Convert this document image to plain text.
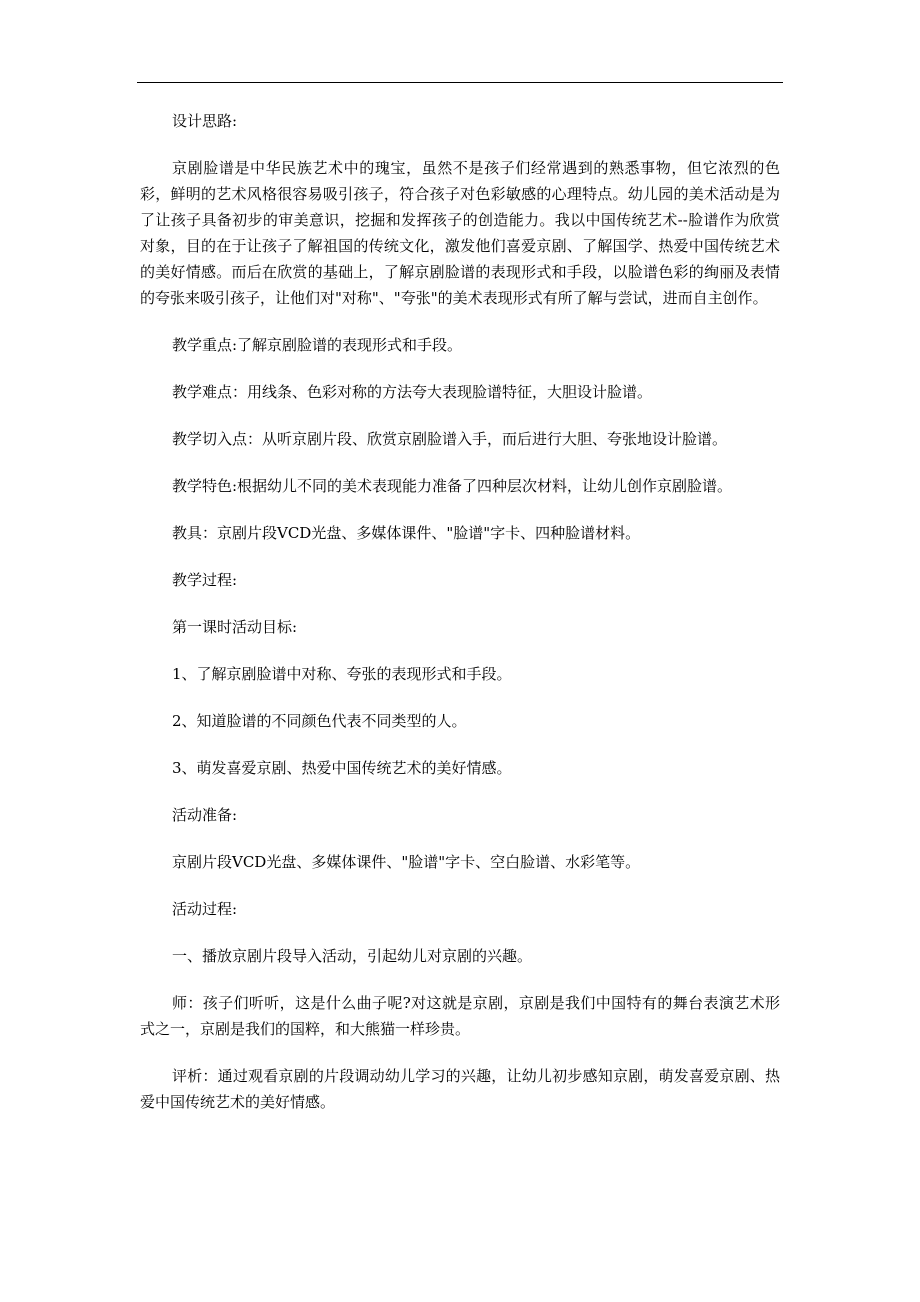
设计思路:

京剧脸谱是中华民族艺术中的瑰宝，虽然不是孩子们经常遇到的熟悉事物，但它浓烈的色彩，鲜明的艺术风格很容易吸引孩子，符合孩子对色彩敏感的心理特点。幼儿园的美术活动是为了让孩子具备初步的审美意识，挖掘和发挥孩子的创造能力。我以中国传统艺术--脸谱作为欣赏对象，目的在于让孩子了解祖国的传统文化，激发他们喜爱京剧、了解国学、热爱中国传统艺术的美好情感。而后在欣赏的基础上，了解京剧脸谱的表现形式和手段，以脸谱色彩的绚丽及表情的夸张来吸引孩子，让他们对"对称"、"夸张"的美术表现形式有所了解与尝试，进而自主创作。

教学重点:了解京剧脸谱的表现形式和手段。

教学难点：用线条、色彩对称的方法夸大表现脸谱特征，大胆设计脸谱。

教学切入点：从听京剧片段、欣赏京剧脸谱入手，而后进行大胆、夸张地设计脸谱。

教学特色:根据幼儿不同的美术表现能力准备了四种层次材料，让幼儿创作京剧脸谱。

教具：京剧片段VCD光盘、多媒体课件、"脸谱"字卡、四种脸谱材料。

教学过程:

第一课时活动目标:

1、了解京剧脸谱中对称、夸张的表现形式和手段。

2、知道脸谱的不同颜色代表不同类型的人。

3、萌发喜爱京剧、热爱中国传统艺术的美好情感。

活动准备:

京剧片段VCD光盘、多媒体课件、"脸谱"字卡、空白脸谱、水彩笔等。

活动过程:

一、播放京剧片段导入活动，引起幼儿对京剧的兴趣。

师：孩子们听听，这是什么曲子呢?对这就是京剧，京剧是我们中国特有的舞台表演艺术形式之一，京剧是我们的国粹，和大熊猫一样珍贵。

评析：通过观看京剧的片段调动幼儿学习的兴趣，让幼儿初步感知京剧，萌发喜爱京剧、热爱中国传统艺术的美好情感。
